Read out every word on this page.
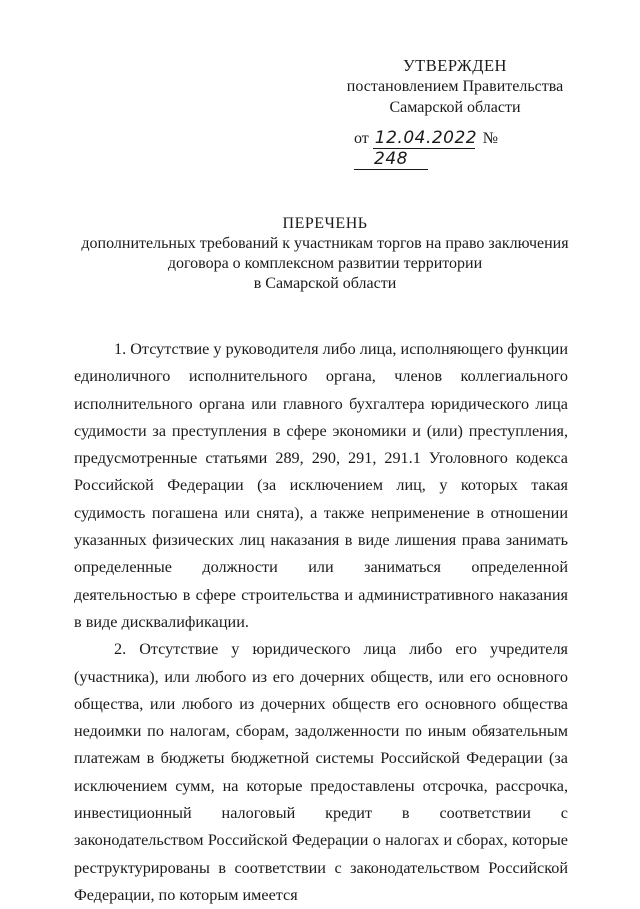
УТВЕРЖДЕН
постановлением Правительства
Самарской области
от 12.04.2022 № 248
ПЕРЕЧЕНЬ
дополнительных требований к участникам торгов на право заключения
договора о комплексном развитии территории
в Самарской области

1. Отсутствие у руководителя либо лица, исполняющего функции единоличного исполнительного органа, членов коллегиального исполнительного органа или главного бухгалтера юридического лица судимости за преступления в сфере экономики и (или) преступления, предусмотренные статьями 289, 290, 291, 291.1 Уголовного кодекса Российской Федерации (за исключением лиц, у которых такая судимость погашена или снята), а также неприменение в отношении указанных физических лиц наказания в виде лишения права занимать определенные должности или заниматься определенной деятельностью в сфере строительства и административного наказания в виде дисквалификации.

2. Отсутствие у юридического лица либо его учредителя (участника), или любого из его дочерних обществ, или его основного общества, или любого из дочерних обществ его основного общества недоимки по налогам, сборам, задолженности по иным обязательным платежам в бюджеты бюджетной системы Российской Федерации (за исключением сумм, на которые предоставлены отсрочка, рассрочка, инвестиционный налоговый кредит в соответствии с законодательством Российской Федерации о налогах и сборах, которые реструктурированы в соответствии с законодательством Российской Федерации, по которым имеется
